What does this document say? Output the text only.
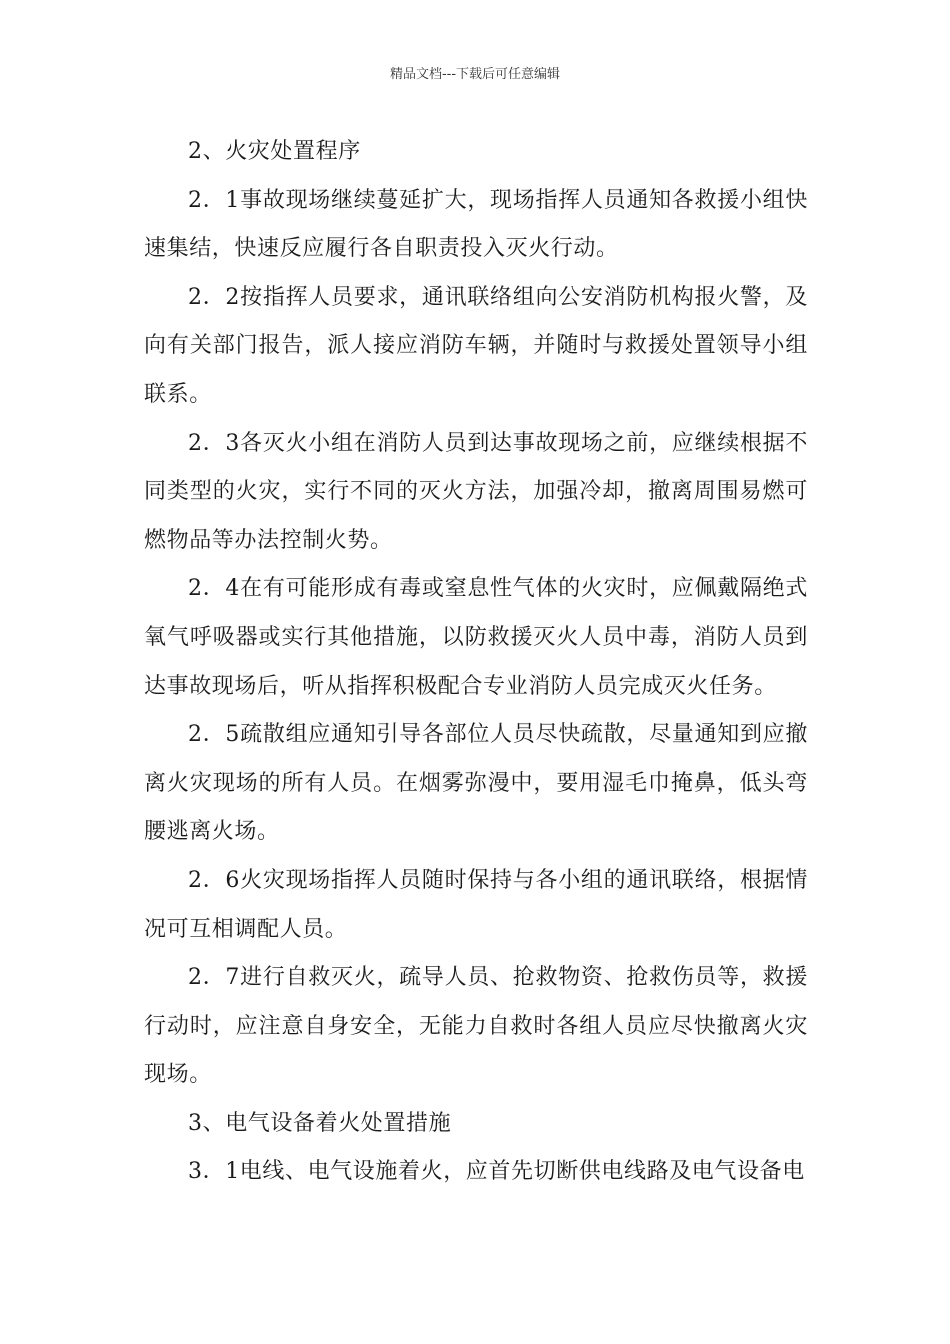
精品文档---下载后可任意编辑

2、火灾处置程序

2．1事故现场继续蔓延扩大，现场指挥人员通知各救援小组快速集结，快速反应履行各自职责投入灭火行动。

2．2按指挥人员要求，通讯联络组向公安消防机构报火警，及向有关部门报告，派人接应消防车辆，并随时与救援处置领导小组联系。

2．3各灭火小组在消防人员到达事故现场之前，应继续根据不同类型的火灾，实行不同的灭火方法，加强冷却，撤离周围易燃可燃物品等办法控制火势。

2．4在有可能形成有毒或窒息性气体的火灾时，应佩戴隔绝式氧气呼吸器或实行其他措施，以防救援灭火人员中毒，消防人员到达事故现场后，听从指挥积极配合专业消防人员完成灭火任务。

2．5疏散组应通知引导各部位人员尽快疏散，尽量通知到应撤离火灾现场的所有人员。在烟雾弥漫中，要用湿毛巾掩鼻，低头弯腰逃离火场。

2．6火灾现场指挥人员随时保持与各小组的通讯联络，根据情况可互相调配人员。

2．7进行自救灭火，疏导人员、抢救物资、抢救伤员等，救援行动时，应注意自身安全，无能力自救时各组人员应尽快撤离火灾现场。

3、电气设备着火处置措施

3．1电线、电气设施着火，应首先切断供电线路及电气设备电
